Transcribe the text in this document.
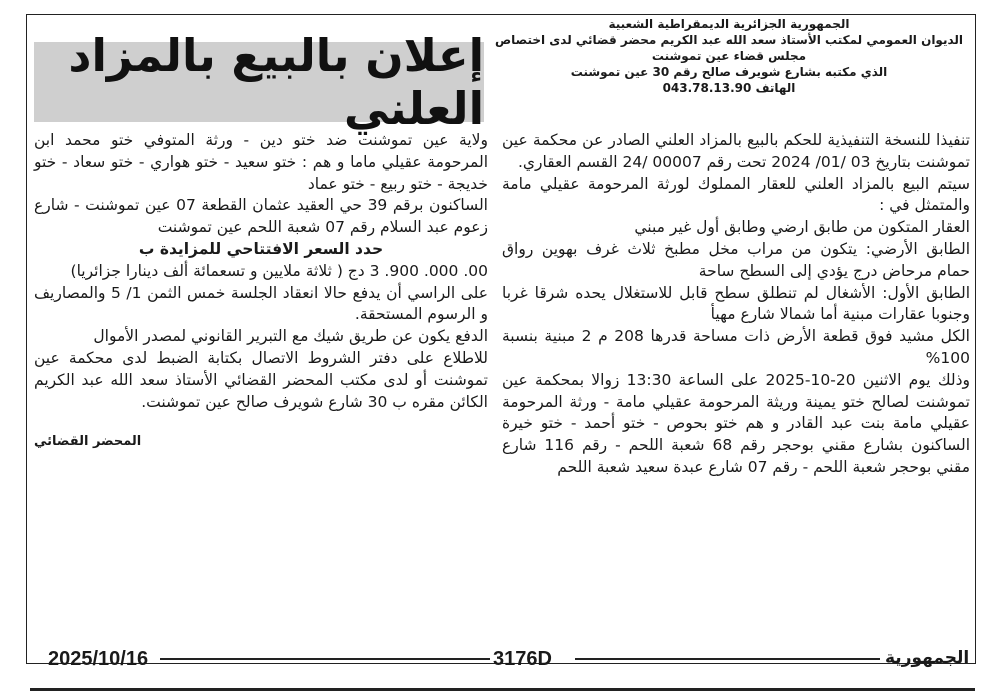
إعلان بالبيع بالمزاد العلني
الجمهورية الجزائرية الديمقراطية الشعبية
الديوان العمومي لمكتب الأستاذ سعد الله عبد الكريم محضر قضائي لدى اختصاص
مجلس قضاء عين تموشنت
الذي مكتبه بشارع شويرف صالح رقم 30 عين تموشنت
الهاتف 043.78.13.90

تنفيذا للنسخة التنفيذية للحكم بالبيع بالمزاد العلني الصادر عن محكمة عين تموشنت بتاريخ 03 /01/ 2024 تحت رقم 00007 /24 القسم العقاري.

سيتم البيع بالمزاد العلني للعقار المملوك لورثة المرحومة عقيلي مامة والمتمثل في :

العقار المتكون من طابق ارضي وطابق أول غير مبني

الطابق الأرضي: يتكون من مراب مخل مطبخ ثلاث غرف بهوين رواق حمام مرحاض درج يؤدي إلى السطح ساحة

الطابق الأول: الأشغال لم تنطلق سطح قابل للاستغلال يحده شرقا غربا وجنوبا عقارات مبنية أما شمالا شارع مهيأ

الكل مشيد فوق قطعة الأرض ذات مساحة قدرها 208 م 2 مبنية بنسبة 100%

وذلك يوم الاثنين 20-10-2025 على الساعة 13:30 زوالا بمحكمة عين تموشنت لصالح ختو يمينة وريثة المرحومة عقيلي مامة - ورثة المرحومة عقيلي مامة بنت عبد القادر و هم ختو بحوص - ختو أحمد - ختو خيرة الساكنون بشارع مقني بوحجر رقم 68 شعبة اللحم - رقم 116 شارع مقني بوحجر شعبة اللحم - رقم 07 شارع عبدة سعيد شعبة اللحم

ولاية عين تموشنت ضد ختو دين - ورثة المتوفي ختو محمد ابن المرحومة عقيلي ماما و هم : ختو سعيد - ختو هواري - ختو سعاد - ختو خديجة - ختو ربيع - ختو عماد

الساكنون برقم 39 حي العقيد عثمان القطعة 07 عين تموشنت - شارع زعوم عبد السلام رقم 07 شعبة اللحم عين تموشنت

حدد السعر الافتتاحي للمزايدة ب

00. 000. 900. 3 دج ( ثلاثة ملايين و تسعمائة ألف دينارا جزائريا)

على الراسي أن يدفع حالا انعقاد الجلسة خمس الثمن 1/ 5 والمصاريف و الرسوم المستحقة.

الدفع يكون عن طريق شيك مع التبرير القانوني لمصدر الأموال

للاطلاع على دفتر الشروط الاتصال بكتابة الضبط لدى محكمة عين تموشنت أو لدى مكتب المحضر القضائي الأستاذ سعد الله عبد الكريم الكائن مقره ب 30 شارع شويرف صالح عين تموشنت.

المحضر القضائي

2025/10/16	3176D	الجمهورية
